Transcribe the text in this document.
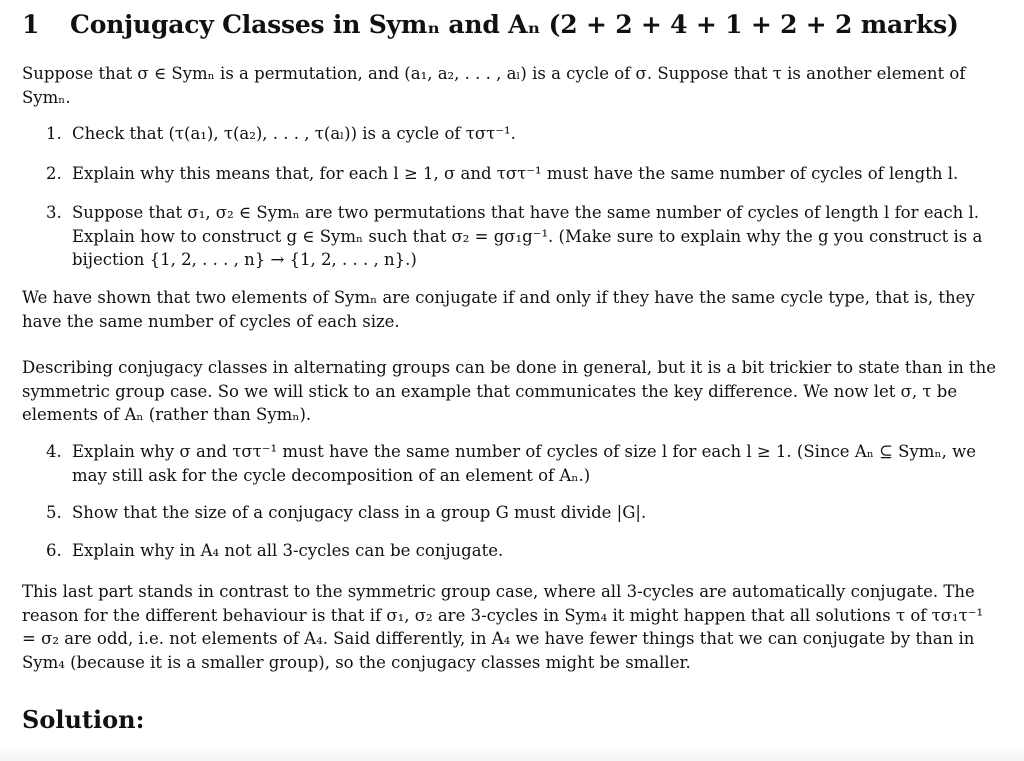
1 Conjugacy Classes in Symₙ and Aₙ (2 + 2 + 4 + 1 + 2 + 2 marks)
Suppose that σ ∈ Symₙ is a permutation, and (a₁, a₂, . . . , aₗ) is a cycle of σ. Suppose that τ is another element of Symₙ.
1. Check that (τ(a₁), τ(a₂), . . . , τ(aₗ)) is a cycle of τστ⁻¹.
2. Explain why this means that, for each l ≥ 1, σ and τστ⁻¹ must have the same number of cycles of length l.
3. Suppose that σ₁, σ₂ ∈ Symₙ are two permutations that have the same number of cycles of length l for each l. Explain how to construct g ∈ Symₙ such that σ₂ = gσ₁g⁻¹. (Make sure to explain why the g you construct is a bijection {1, 2, . . . , n} → {1, 2, . . . , n}.)
We have shown that two elements of Symₙ are conjugate if and only if they have the same cycle type, that is, they have the same number of cycles of each size.
Describing conjugacy classes in alternating groups can be done in general, but it is a bit trickier to state than in the symmetric group case. So we will stick to an example that communicates the key difference. We now let σ, τ be elements of Aₙ (rather than Symₙ).
4. Explain why σ and τστ⁻¹ must have the same number of cycles of size l for each l ≥ 1. (Since Aₙ ⊆ Symₙ, we may still ask for the cycle decomposition of an element of Aₙ.)
5. Show that the size of a conjugacy class in a group G must divide |G|.
6. Explain why in A₄ not all 3-cycles can be conjugate.
This last part stands in contrast to the symmetric group case, where all 3-cycles are automatically conjugate. The reason for the different behaviour is that if σ₁, σ₂ are 3-cycles in Sym₄ it might happen that all solutions τ of τσ₁τ⁻¹ = σ₂ are odd, i.e. not elements of A₄. Said differently, in A₄ we have fewer things that we can conjugate by than in Sym₄ (because it is a smaller group), so the conjugacy classes might be smaller.
Solution:
